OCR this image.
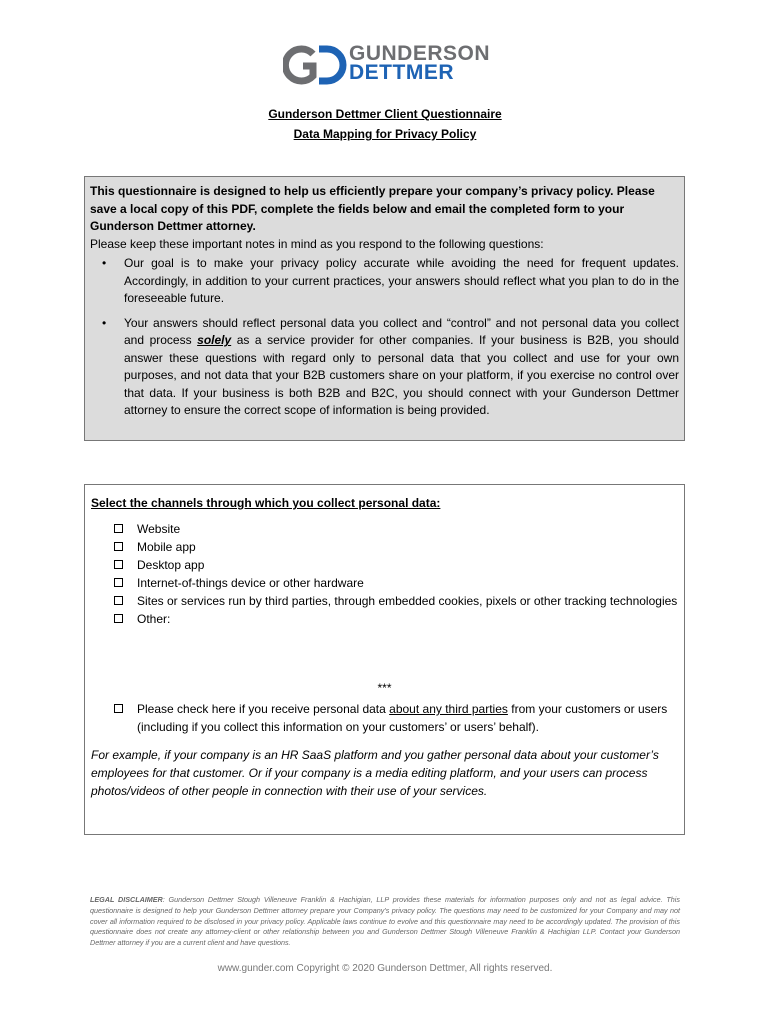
GUNDERSON
DETTMER
Gunderson Dettmer Client Questionnaire
Data Mapping for Privacy Policy
This questionnaire is designed to help us efficiently prepare your company’s privacy policy. Please save a local copy of this PDF, complete the fields below and email the completed form to your Gunderson Dettmer attorney.
Please keep these important notes in mind as you respond to the following questions:
• Our goal is to make your privacy policy accurate while avoiding the need for frequent updates. Accordingly, in addition to your current practices, your answers should reflect what you plan to do in the foreseeable future.
• Your answers should reflect personal data you collect and “control” and not personal data you collect and process solely as a service provider for other companies. If your business is B2B, you should answer these questions with regard only to personal data that you collect and use for your own purposes, and not data that your B2B customers share on your platform, if you exercise no control over that data. If your business is both B2B and B2C, you should connect with your Gunderson Dettmer attorney to ensure the correct scope of information is being provided.
Select the channels through which you collect personal data:
Website
Mobile app
Desktop app
Internet-of-things device or other hardware
Sites or services run by third parties, through embedded cookies, pixels or other tracking technologies
Other:
***
Please check here if you receive personal data about any third parties from your customers or users (including if you collect this information on your customers’ or users’ behalf).
For example, if your company is an HR SaaS platform and you gather personal data about your customer’s employees for that customer. Or if your company is a media editing platform, and your users can process photos/videos of other people in connection with their use of your services.
LEGAL DISCLAIMER: Gunderson Dettmer Stough Villeneuve Franklin & Hachigian, LLP provides these materials for information purposes only and not as legal advice. This questionnaire is designed to help your Gunderson Dettmer attorney prepare your Company’s privacy policy. The questions may need to be customized for your Company and may not cover all information required to be disclosed in your privacy policy. Applicable laws continue to evolve and this questionnaire may need to be accordingly updated. The provision of this questionnaire does not create any attorney-client or other relationship between you and Gunderson Dettmer Stough Villeneuve Franklin & Hachigian LLP. Contact your Gunderson Dettmer attorney if you are a current client and have questions.
www.gunder.com Copyright © 2020 Gunderson Dettmer, All rights reserved.
